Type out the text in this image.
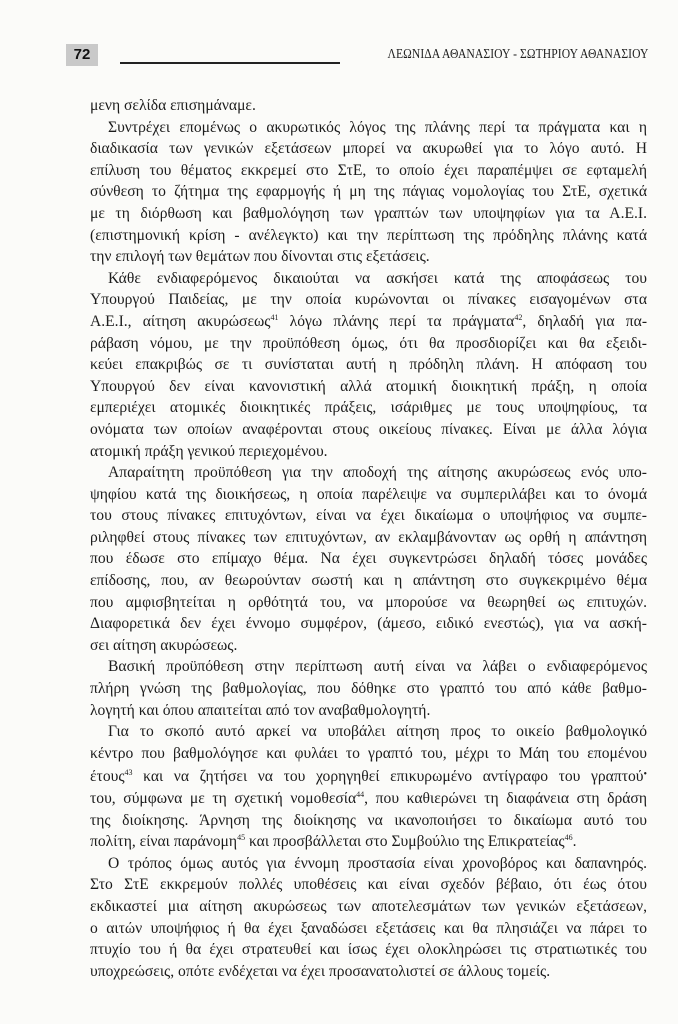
72	ΛΕΩΝΙΔΑ ΑΘΑΝΑΣΙΟΥ - ΣΩΤΗΡΙΟΥ ΑΘΑΝΑΣΙΟΥ

μενη σελίδα επισημάναμε.

Συντρέχει επομένως ο ακυρωτικός λόγος της πλάνης περί τα πράγματα και η
διαδικασία των γενικών εξετάσεων μπορεί να ακυρωθεί για το λόγο αυτό. Η
επίλυση του θέματος εκκρεμεί στο ΣτΕ, το οποίο έχει παραπέμψει σε εφταμελή
σύνθεση το ζήτημα της εφαρμογής ή μη της πάγιας νομολογίας του ΣτΕ, σχετικά
με τη διόρθωση και βαθμολόγηση των γραπτών των υποψηφίων για τα Α.Ε.Ι.
(επιστημονική κρίση - ανέλεγκτο) και την περίπτωση της πρόδηλης πλάνης κατά
την επιλογή των θεμάτων που δίνονται στις εξετάσεις.

Κάθε ενδιαφερόμενος δικαιούται να ασκήσει κατά της αποφάσεως του
Υπουργού Παιδείας, με την οποία κυρώνονται οι πίνακες εισαγομένων στα
Α.Ε.Ι., αίτηση ακυρώσεως$^{41}$ λόγω πλάνης περί τα πράγματα$^{42}$, δηλαδή για πα-
ράβαση νόμου, με την προϋπόθεση όμως, ότι θα προσδιορίζει και θα εξειδι-
κεύει επακριβώς σε τι συνίσταται αυτή η πρόδηλη πλάνη. Η απόφαση του
Υπουργού δεν είναι κανονιστική αλλά ατομική διοικητική πράξη, η οποία
εμπεριέχει ατομικές διοικητικές πράξεις, ισάριθμες με τους υποψηφίους, τα
ονόματα των οποίων αναφέρονται στους οικείους πίνακες. Είναι με άλλα λόγια
ατομική πράξη γενικού περιεχομένου.

Απαραίτητη προϋπόθεση για την αποδοχή της αίτησης ακυρώσεως ενός υπο-
ψηφίου κατά της διοικήσεως, η οποία παρέλειψε να συμπεριλάβει και το όνομά
του στους πίνακες επιτυχόντων, είναι να έχει δικαίωμα ο υποψήφιος να συμπε-
ριληφθεί στους πίνακες των επιτυχόντων, αν εκλαμβάνονταν ως ορθή η απάντηση
που έδωσε στο επίμαχο θέμα. Να έχει συγκεντρώσει δηλαδή τόσες μονάδες
επίδοσης, που, αν θεωρούνταν σωστή και η απάντηση στο συγκεκριμένο θέμα
που αμφισβητείται η ορθότητά του, να μπορούσε να θεωρηθεί ως επιτυχών.
Διαφορετικά δεν έχει έννομο συμφέρον, (άμεσο, ειδικό ενεστώς), για να ασκή-
σει αίτηση ακυρώσεως.

Βασική προϋπόθεση στην περίπτωση αυτή είναι να λάβει ο ενδιαφερόμενος
πλήρη γνώση της βαθμολογίας, που δόθηκε στο γραπτό του από κάθε βαθμο-
λογητή και όπου απαιτείται από τον αναβαθμολογητή.

Για το σκοπό αυτό αρκεί να υποβάλει αίτηση προς το οικείο βαθμολογικό
κέντρο που βαθμολόγησε και φυλάει το γραπτό του, μέχρι το Μάη του επομένου
έτους$^{43}$ και να ζητήσει να του χορηγηθεί επικυρωμένο αντίγραφο του γραπτού•
του, σύμφωνα με τη σχετική νομοθεσία$^{44}$, που καθιερώνει τη διαφάνεια στη δράση
της διοίκησης. Άρνηση της διοίκησης να ικανοποιήσει το δικαίωμα αυτό του
πολίτη, είναι παράνομη$^{45}$ και προσβάλλεται στο Συμβούλιο της Επικρατείας$^{46}$.

Ο τρόπος όμως αυτός για έννομη προστασία είναι χρονοβόρος και δαπανηρός.
Στο ΣτΕ εκκρεμούν πολλές υποθέσεις και είναι σχεδόν βέβαιο, ότι έως ότου
εκδικαστεί μια αίτηση ακυρώσεως των αποτελεσμάτων των γενικών εξετάσεων,
ο αιτών υποψήφιος ή θα έχει ξαναδώσει εξετάσεις και θα πλησιάζει να πάρει το
πτυχίο του ή θα έχει στρατευθεί και ίσως έχει ολοκληρώσει τις στρατιωτικές του
υποχρεώσεις, οπότε ενδέχεται να έχει προσανατολιστεί σε άλλους τομείς.
